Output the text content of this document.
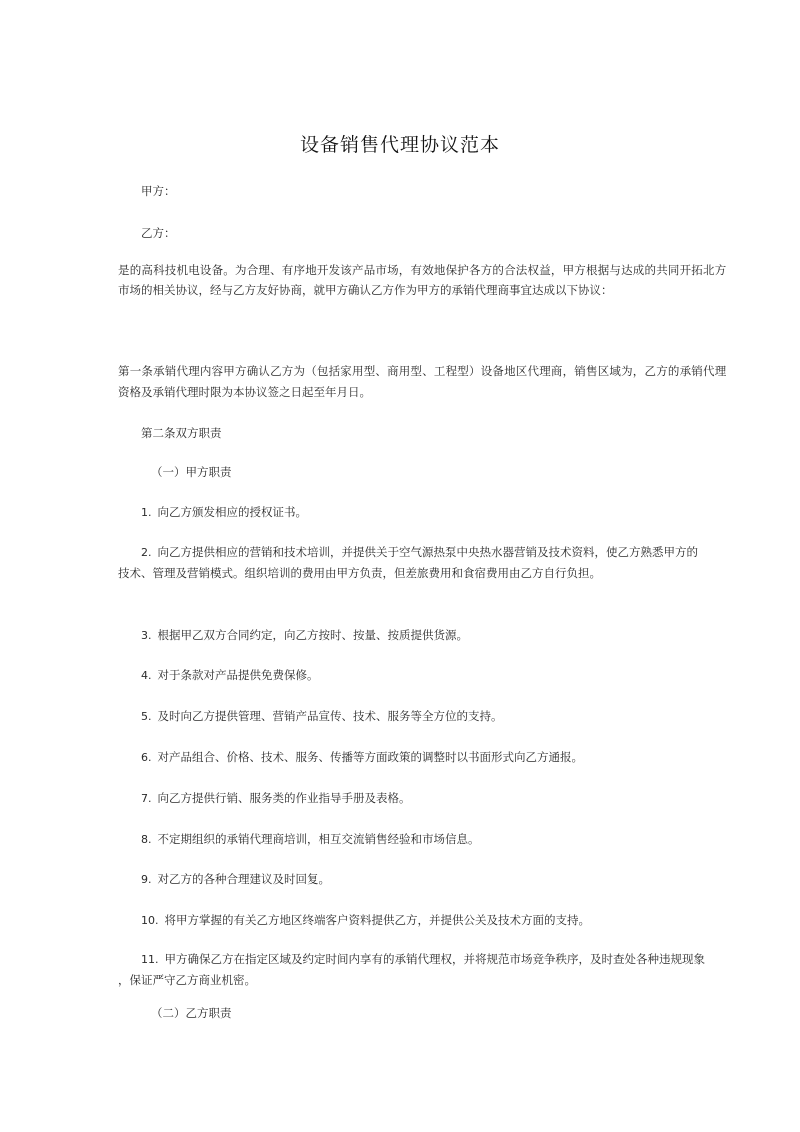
设备销售代理协议范本
甲方：
乙方：
是的高科技机电设备。为合理、有序地开发该产品市场，有效地保护各方的合法权益，甲方根据与达成的共同开拓北方
市场的相关协议，经与乙方友好协商，就甲方确认乙方作为甲方的承销代理商事宜达成以下协议：
第一条承销代理内容甲方确认乙方为（包括家用型、商用型、工程型）设备地区代理商，销售区域为，乙方的承销代理
资格及承销代理时限为本协议签之日起至年月日。
第二条双方职责
（一）甲方职责
1. 向乙方颁发相应的授权证书。
2. 向乙方提供相应的营销和技术培训，并提供关于空气源热泵中央热水器营销及技术资料，使乙方熟悉甲方的
技术、管理及营销模式。组织培训的费用由甲方负责，但差旅费用和食宿费用由乙方自行负担。
3. 根据甲乙双方合同约定，向乙方按时、按量、按质提供货源。
4. 对于条款对产品提供免费保修。
5. 及时向乙方提供管理、营销产品宣传、技术、服务等全方位的支持。
6. 对产品组合、价格、技术、服务、传播等方面政策的调整时以书面形式向乙方通报。
7. 向乙方提供行销、服务类的作业指导手册及表格。
8. 不定期组织的承销代理商培训，相互交流销售经验和市场信息。
9. 对乙方的各种合理建议及时回复。
10. 将甲方掌握的有关乙方地区终端客户资料提供乙方，并提供公关及技术方面的支持。
11. 甲方确保乙方在指定区域及约定时间内享有的承销代理权，并将规范市场竞争秩序，及时查处各种违规现象
，保证严守乙方商业机密。
（二）乙方职责
